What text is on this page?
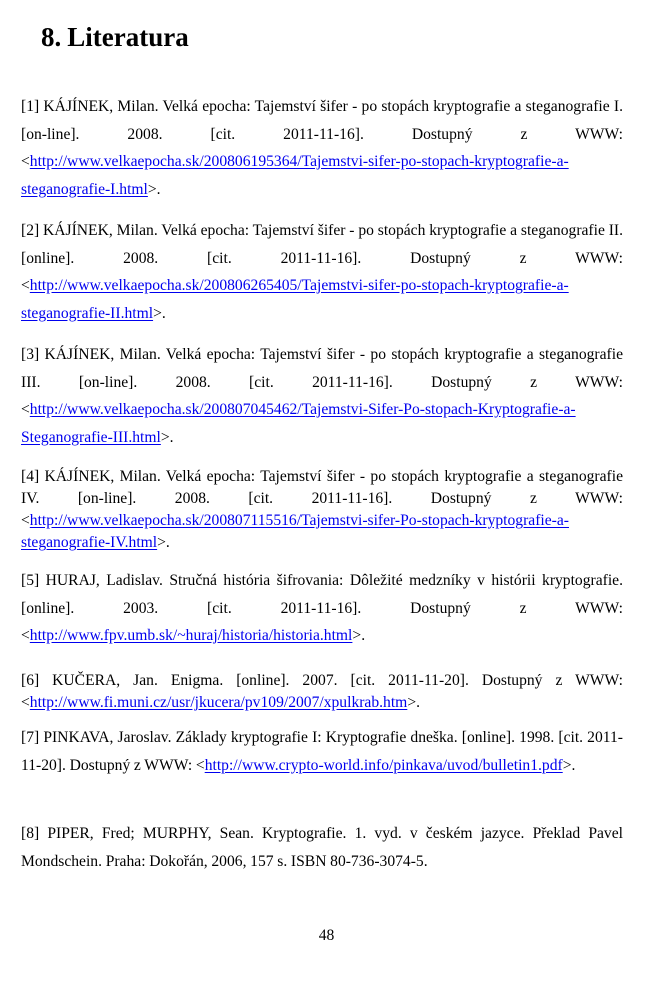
8. Literatura
[1] KÁJÍNEK, Milan. Velká epocha: Tajemství šifer - po stopách kryptografie a steganografie I. [on-line]. 2008. [cit. 2011-11-16]. Dostupný z WWW: <http://www.velkaepocha.sk/200806195364/Tajemstvi-sifer-po-stopach-kryptografie-a-steganografie-I.html>.
[2] KÁJÍNEK, Milan. Velká epocha: Tajemství šifer - po stopách kryptografie a steganografie II. [online]. 2008. [cit. 2011-11-16]. Dostupný z WWW: <http://www.velkaepocha.sk/200806265405/Tajemstvi-sifer-po-stopach-kryptografie-a-steganografie-II.html>.
[3] KÁJÍNEK, Milan. Velká epocha: Tajemství šifer - po stopách kryptografie a steganografie III. [on-line]. 2008. [cit. 2011-11-16]. Dostupný z WWW: <http://www.velkaepocha.sk/200807045462/Tajemstvi-Sifer-Po-stopach-Kryptografie-a-Steganografie-III.html>.
[4] KÁJÍNEK, Milan. Velká epocha: Tajemství šifer - po stopách kryptografie a steganografie IV. [on-line]. 2008. [cit. 2011-11-16]. Dostupný z WWW: <http://www.velkaepocha.sk/200807115516/Tajemstvi-sifer-Po-stopach-kryptografie-a-steganografie-IV.html>.
[5] HURAJ, Ladislav. Stručná história šifrovania: Dôležité medzníky v histórii kryptografie. [online]. 2003. [cit. 2011-11-16]. Dostupný z WWW: <http://www.fpv.umb.sk/~huraj/historia/historia.html>.
[6] KUČERA, Jan. Enigma. [online]. 2007. [cit. 2011-11-20]. Dostupný z WWW: <http://www.fi.muni.cz/usr/jkucera/pv109/2007/xpulkrab.htm>.
[7] PINKAVA, Jaroslav. Základy kryptografie I: Kryptografie dneška. [online]. 1998. [cit. 2011-11-20]. Dostupný z WWW: <http://www.crypto-world.info/pinkava/uvod/bulletin1.pdf>.
[8] PIPER, Fred; MURPHY, Sean. Kryptografie. 1. vyd. v českém jazyce. Překlad Pavel Mondschein. Praha: Dokořán, 2006, 157 s. ISBN 80-736-3074-5.
48
